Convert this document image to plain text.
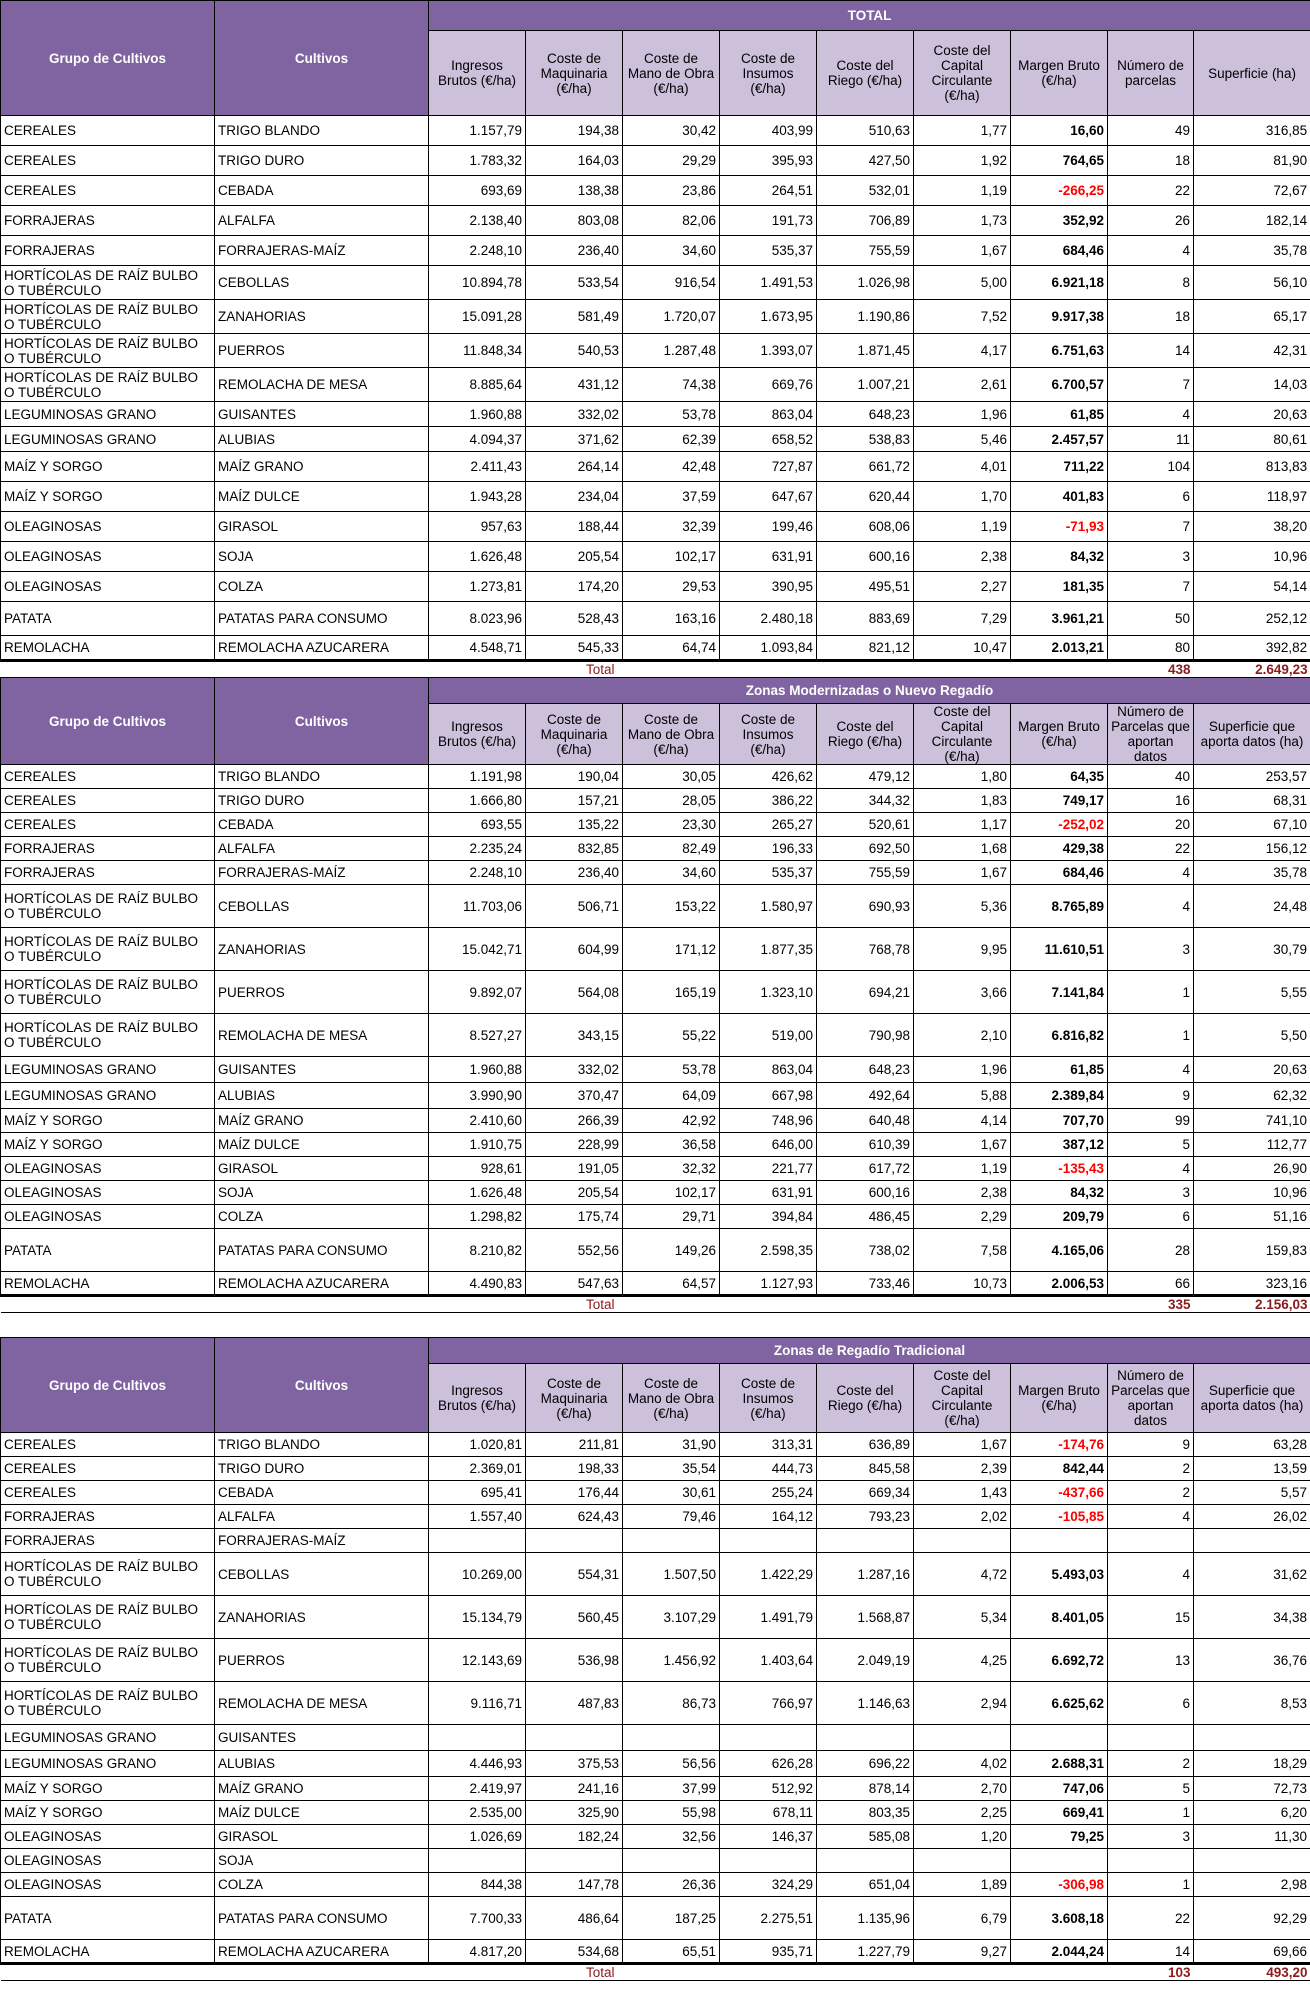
Grupo de Cultivos	Cultivos	TOTAL								
		Ingresos Brutos (€/ha)	Coste de Maquinaria (€/ha)	Coste de Mano de Obra (€/ha)	Coste de Insumos (€/ha)	Coste del Riego (€/ha)	Coste del Capital Circulante (€/ha)	Margen Bruto (€/ha)	Número de parcelas	Superficie (ha)
CEREALES	TRIGO BLANDO	1.157,79	194,38	30,42	403,99	510,63	1,77	16,60	49	316,85
CEREALES	TRIGO DURO	1.783,32	164,03	29,29	395,93	427,50	1,92	764,65	18	81,90
CEREALES	CEBADA	693,69	138,38	23,86	264,51	532,01	1,19	-266,25	22	72,67
FORRAJERAS	ALFALFA	2.138,40	803,08	82,06	191,73	706,89	1,73	352,92	26	182,14
FORRAJERAS	FORRAJERAS-MAÍZ	2.248,10	236,40	34,60	535,37	755,59	1,67	684,46	4	35,78
HORTÍCOLAS DE RAÍZ BULBO O TUBÉRCULO	CEBOLLAS	10.894,78	533,54	916,54	1.491,53	1.026,98	5,00	6.921,18	8	56,10
HORTÍCOLAS DE RAÍZ BULBO O TUBÉRCULO	ZANAHORIAS	15.091,28	581,49	1.720,07	1.673,95	1.190,86	7,52	9.917,38	18	65,17
HORTÍCOLAS DE RAÍZ BULBO O TUBÉRCULO	PUERROS	11.848,34	540,53	1.287,48	1.393,07	1.871,45	4,17	6.751,63	14	42,31
HORTÍCOLAS DE RAÍZ BULBO O TUBÉRCULO	REMOLACHA DE MESA	8.885,64	431,12	74,38	669,76	1.007,21	2,61	6.700,57	7	14,03
LEGUMINOSAS GRANO	GUISANTES	1.960,88	332,02	53,78	863,04	648,23	1,96	61,85	4	20,63
LEGUMINOSAS GRANO	ALUBIAS	4.094,37	371,62	62,39	658,52	538,83	5,46	2.457,57	11	80,61
MAÍZ Y SORGO	MAÍZ GRANO	2.411,43	264,14	42,48	727,87	661,72	4,01	711,22	104	813,83
MAÍZ Y SORGO	MAÍZ DULCE	1.943,28	234,04	37,59	647,67	620,44	1,70	401,83	6	118,97
OLEAGINOSAS	GIRASOL	957,63	188,44	32,39	199,46	608,06	1,19	-71,93	7	38,20
OLEAGINOSAS	SOJA	1.626,48	205,54	102,17	631,91	600,16	2,38	84,32	3	10,96
OLEAGINOSAS	COLZA	1.273,81	174,20	29,53	390,95	495,51	2,27	181,35	7	54,14
PATATA	PATATAS PARA CONSUMO	8.023,96	528,43	163,16	2.480,18	883,69	7,29	3.961,21	50	252,12
REMOLACHA	REMOLACHA AZUCARERA	4.548,71	545,33	64,74	1.093,84	821,12	10,47	2.013,21	80	392,82
		Total							438	2.649,23
Grupo de Cultivos	Cultivos	Zonas Modernizadas o Nuevo Regadío								
		Ingresos Brutos (€/ha)	Coste de Maquinaria (€/ha)	Coste de Mano de Obra (€/ha)	Coste de Insumos (€/ha)	Coste del Riego (€/ha)	Coste del Capital Circulante (€/ha)	Margen Bruto (€/ha)	Número de Parcelas que aportan datos	Superficie que aporta datos (ha)
CEREALES	TRIGO BLANDO	1.191,98	190,04	30,05	426,62	479,12	1,80	64,35	40	253,57
CEREALES	TRIGO DURO	1.666,80	157,21	28,05	386,22	344,32	1,83	749,17	16	68,31
CEREALES	CEBADA	693,55	135,22	23,30	265,27	520,61	1,17	-252,02	20	67,10
FORRAJERAS	ALFALFA	2.235,24	832,85	82,49	196,33	692,50	1,68	429,38	22	156,12
FORRAJERAS	FORRAJERAS-MAÍZ	2.248,10	236,40	34,60	535,37	755,59	1,67	684,46	4	35,78
HORTÍCOLAS DE RAÍZ BULBO O TUBÉRCULO	CEBOLLAS	11.703,06	506,71	153,22	1.580,97	690,93	5,36	8.765,89	4	24,48
HORTÍCOLAS DE RAÍZ BULBO O TUBÉRCULO	ZANAHORIAS	15.042,71	604,99	171,12	1.877,35	768,78	9,95	11.610,51	3	30,79
HORTÍCOLAS DE RAÍZ BULBO O TUBÉRCULO	PUERROS	9.892,07	564,08	165,19	1.323,10	694,21	3,66	7.141,84	1	5,55
HORTÍCOLAS DE RAÍZ BULBO O TUBÉRCULO	REMOLACHA DE MESA	8.527,27	343,15	55,22	519,00	790,98	2,10	6.816,82	1	5,50
LEGUMINOSAS GRANO	GUISANTES	1.960,88	332,02	53,78	863,04	648,23	1,96	61,85	4	20,63
LEGUMINOSAS GRANO	ALUBIAS	3.990,90	370,47	64,09	667,98	492,64	5,88	2.389,84	9	62,32
MAÍZ Y SORGO	MAÍZ GRANO	2.410,60	266,39	42,92	748,96	640,48	4,14	707,70	99	741,10
MAÍZ Y SORGO	MAÍZ DULCE	1.910,75	228,99	36,58	646,00	610,39	1,67	387,12	5	112,77
OLEAGINOSAS	GIRASOL	928,61	191,05	32,32	221,77	617,72	1,19	-135,43	4	26,90
OLEAGINOSAS	SOJA	1.626,48	205,54	102,17	631,91	600,16	2,38	84,32	3	10,96
OLEAGINOSAS	COLZA	1.298,82	175,74	29,71	394,84	486,45	2,29	209,79	6	51,16
PATATA	PATATAS PARA CONSUMO	8.210,82	552,56	149,26	2.598,35	738,02	7,58	4.165,06	28	159,83
REMOLACHA	REMOLACHA AZUCARERA	4.490,83	547,63	64,57	1.127,93	733,46	10,73	2.006,53	66	323,16
		Total							335	2.156,03
Grupo de Cultivos	Cultivos	Zonas de Regadío Tradicional								
		Ingresos Brutos (€/ha)	Coste de Maquinaria (€/ha)	Coste de Mano de Obra (€/ha)	Coste de Insumos (€/ha)	Coste del Riego (€/ha)	Coste del Capital Circulante (€/ha)	Margen Bruto (€/ha)	Número de Parcelas que aportan datos	Superficie que aporta datos (ha)
CEREALES	TRIGO BLANDO	1.020,81	211,81	31,90	313,31	636,89	1,67	-174,76	9	63,28
CEREALES	TRIGO DURO	2.369,01	198,33	35,54	444,73	845,58	2,39	842,44	2	13,59
CEREALES	CEBADA	695,41	176,44	30,61	255,24	669,34	1,43	-437,66	2	5,57
FORRAJERAS	ALFALFA	1.557,40	624,43	79,46	164,12	793,23	2,02	-105,85	4	26,02
FORRAJERAS	FORRAJERAS-MAÍZ									
HORTÍCOLAS DE RAÍZ BULBO O TUBÉRCULO	CEBOLLAS	10.269,00	554,31	1.507,50	1.422,29	1.287,16	4,72	5.493,03	4	31,62
HORTÍCOLAS DE RAÍZ BULBO O TUBÉRCULO	ZANAHORIAS	15.134,79	560,45	3.107,29	1.491,79	1.568,87	5,34	8.401,05	15	34,38
HORTÍCOLAS DE RAÍZ BULBO O TUBÉRCULO	PUERROS	12.143,69	536,98	1.456,92	1.403,64	2.049,19	4,25	6.692,72	13	36,76
HORTÍCOLAS DE RAÍZ BULBO O TUBÉRCULO	REMOLACHA DE MESA	9.116,71	487,83	86,73	766,97	1.146,63	2,94	6.625,62	6	8,53
LEGUMINOSAS GRANO	GUISANTES									
LEGUMINOSAS GRANO	ALUBIAS	4.446,93	375,53	56,56	626,28	696,22	4,02	2.688,31	2	18,29
MAÍZ Y SORGO	MAÍZ GRANO	2.419,97	241,16	37,99	512,92	878,14	2,70	747,06	5	72,73
MAÍZ Y SORGO	MAÍZ DULCE	2.535,00	325,90	55,98	678,11	803,35	2,25	669,41	1	6,20
OLEAGINOSAS	GIRASOL	1.026,69	182,24	32,56	146,37	585,08	1,20	79,25	3	11,30
OLEAGINOSAS	SOJA									
OLEAGINOSAS	COLZA	844,38	147,78	26,36	324,29	651,04	1,89	-306,98	1	2,98
PATATA	PATATAS PARA CONSUMO	7.700,33	486,64	187,25	2.275,51	1.135,96	6,79	3.608,18	22	92,29
REMOLACHA	REMOLACHA AZUCARERA	4.817,20	534,68	65,51	935,71	1.227,79	9,27	2.044,24	14	69,66
		Total							103	493,20
